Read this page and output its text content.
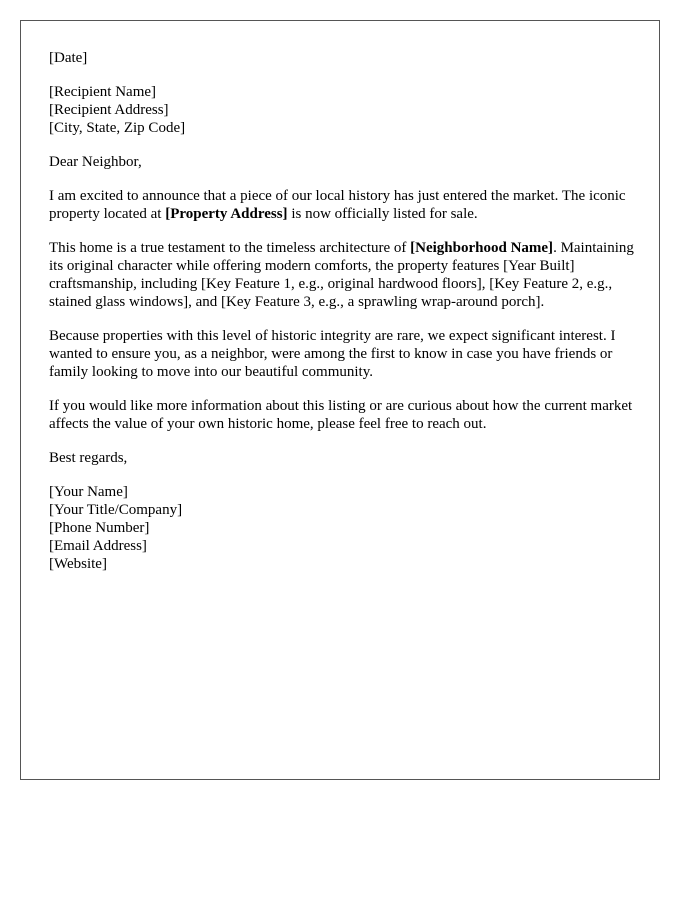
[Date]
[Recipient Name]
[Recipient Address]
[City, State, Zip Code]
Dear Neighbor,

I am excited to announce that a piece of our local history has just entered the market. The iconic property located at [Property Address] is now officially listed for sale.

This home is a true testament to the timeless architecture of [Neighborhood Name]. Maintaining its original character while offering modern comforts, the property features [Year Built] craftsmanship, including [Key Feature 1, e.g., original hardwood floors], [Key Feature 2, e.g., stained glass windows], and [Key Feature 3, e.g., a sprawling wrap-around porch].

Because properties with this level of historic integrity are rare, we expect significant interest. I wanted to ensure you, as a neighbor, were among the first to know in case you have friends or family looking to move into our beautiful community.

If you would like more information about this listing or are curious about how the current market affects the value of your own historic home, please feel free to reach out.

Best regards,
[Your Name]
[Your Title/Company]
[Phone Number]
[Email Address]
[Website]
